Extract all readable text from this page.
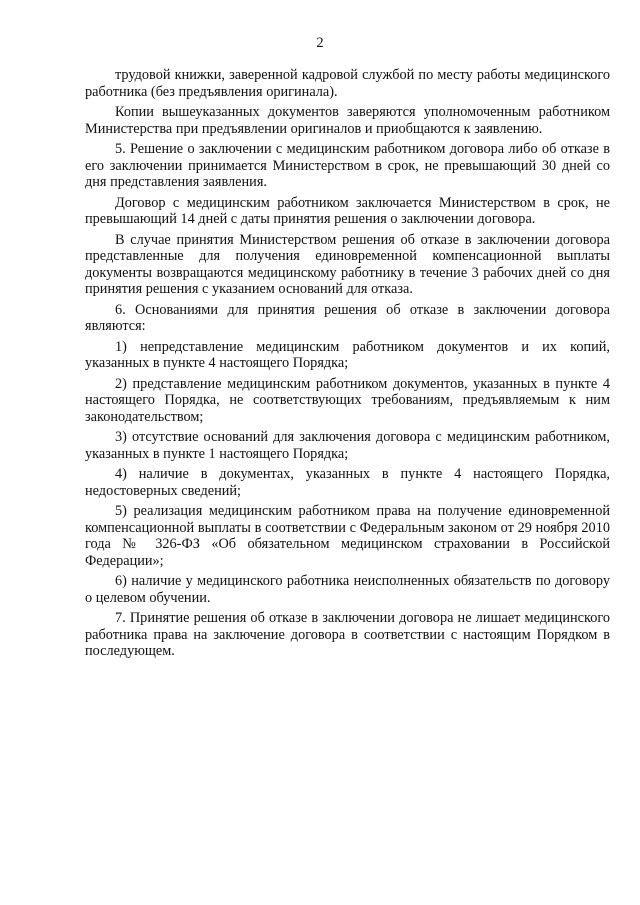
2

трудовой книжки, заверенной кадровой службой по месту работы медицинского работника (без предъявления оригинала).

Копии вышеуказанных документов заверяются уполномоченным работником Министерства при предъявлении оригиналов и приобщаются к заявлению.

5. Решение о заключении с медицинским работником договора либо об отказе в его заключении принимается Министерством в срок, не превышающий 30 дней со дня представления заявления.

Договор с медицинским работником заключается Министерством в срок, не превышающий 14 дней с даты принятия решения о заключении договора.

В случае принятия Министерством решения об отказе в заключении договора представленные для получения единовременной компенсационной выплаты документы возвращаются медицинскому работнику в течение 3 рабочих дней со дня принятия решения с указанием оснований для отказа.

6. Основаниями для принятия решения об отказе в заключении договора являются:

1) непредставление медицинским работником документов и их копий, указанных в пункте 4 настоящего Порядка;

2) представление медицинским работником документов, указанных в пункте 4 настоящего Порядка, не соответствующих требованиям, предъявляемым к ним законодательством;

3) отсутствие оснований для заключения договора с медицинским работником, указанных в пункте 1 настоящего Порядка;

4) наличие в документах, указанных в пункте 4 настоящего Порядка, недостоверных сведений;

5) реализация медицинским работником права на получение единовременной компенсационной выплаты в соответствии с Федеральным законом от 29 ноября 2010 года № 326-ФЗ «Об обязательном медицинском страховании в Российской Федерации»;

6) наличие у медицинского работника неисполненных обязательств по договору о целевом обучении.

7. Принятие решения об отказе в заключении договора не лишает медицинского работника права на заключение договора в соответствии с настоящим Порядком в последующем.
